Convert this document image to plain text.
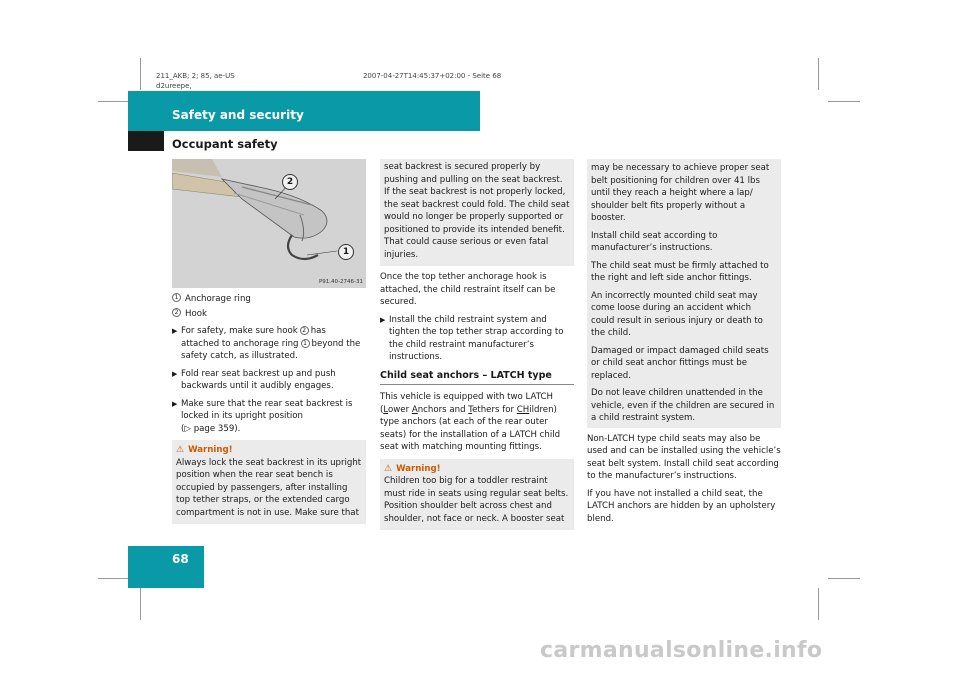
211_AKB; 2; 85, ae-US	2007-04-27T14:45:37+02:00 - Seite 68
d2ureepe,
Safety and security
Occupant safety
68
2
1
P91.40-2746-31
1 Anchorage ring
2 Hook
▶ For safety, make sure hook 2 has attached to anchorage ring 1 beyond the safety catch, as illustrated.
▶ Fold rear seat backrest up and push backwards until it audibly engages.
▶ Make sure that the rear seat backrest is locked in its upright position
(▷ page 359).
⚠ Warning!
Always lock the seat backrest in its upright position when the rear seat bench is occupied by passengers, after installing top tether straps, or the extended cargo compartment is not in use. Make sure that
seat backrest is secured properly by pushing and pulling on the seat backrest. If the seat backrest is not properly locked, the seat backrest could fold. The child seat would no longer be properly supported or positioned to provide its intended benefit. That could cause serious or even fatal injuries.
Once the top tether anchorage hook is attached, the child restraint itself can be secured.
▶ Install the child restraint system and tighten the top tether strap according to the child restraint manufacturer’s instructions.
Child seat anchors – LATCH type
This vehicle is equipped with two LATCH (Lower Anchors and Tethers for CHildren) type anchors (at each of the rear outer seats) for the installation of a LATCH child seat with matching mounting fittings.
⚠ Warning!
Children too big for a toddler restraint must ride in seats using regular seat belts. Position shoulder belt across chest and shoulder, not face or neck. A booster seat
may be necessary to achieve proper seat belt positioning for children over 41 lbs until they reach a height where a lap/ shoulder belt fits properly without a booster.
Install child seat according to manufacturer’s instructions.
The child seat must be firmly attached to the right and left side anchor fittings.
An incorrectly mounted child seat may come loose during an accident which could result in serious injury or death to the child.
Damaged or impact damaged child seats or child seat anchor fittings must be replaced.
Do not leave children unattended in the vehicle, even if the children are secured in a child restraint system.
Non-LATCH type child seats may also be used and can be installed using the vehicle’s seat belt system. Install child seat according to the manufacturer’s instructions.
If you have not installed a child seat, the LATCH anchors are hidden by an upholstery blend.
carmanualsonline.info
